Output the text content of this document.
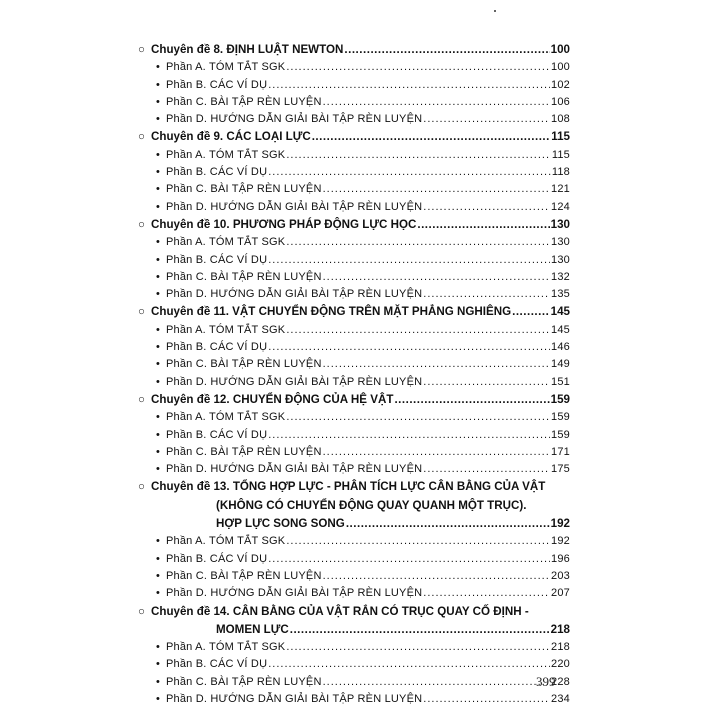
○ Chuyên đề 8. ĐỊNH LUẬT NEWTON .....	100
• Phần A. TÓM TẮT SGK .....	100
• Phần B. CÁC VÍ DỤ .....	102
• Phần C. BÀI TẬP RÈN LUYỆN .....	106
• Phần D. HƯỚNG DẪN GIẢI BÀI TẬP RÈN LUYỆN .....	108
○ Chuyên đề 9. CÁC LOẠI LỰC .....	115
• Phần A. TÓM TẮT SGK .....	115
• Phần B. CÁC VÍ DỤ .....	118
• Phần C. BÀI TẬP RÈN LUYỆN .....	121
• Phần D. HƯỚNG DẪN GIẢI BÀI TẬP RÈN LUYỆN .....	124
○ Chuyên đề 10. PHƯƠNG PHÁP ĐỘNG LỰC HỌC .....	130
• Phần A. TÓM TẮT SGK .....	130
• Phần B. CÁC VÍ DỤ .....	130
• Phần C. BÀI TẬP RÈN LUYỆN .....	132
• Phần D. HƯỚNG DẪN GIẢI BÀI TẬP RÈN LUYỆN .....	135
○ Chuyên đề 11. VẬT CHUYỂN ĐỘNG TRÊN MẶT PHẲNG NGHIÊNG .....	145
• Phần A. TÓM TẮT SGK .....	145
• Phần B. CÁC VÍ DỤ .....	146
• Phần C. BÀI TẬP RÈN LUYỆN .....	149
• Phần D. HƯỚNG DẪN GIẢI BÀI TẬP RÈN LUYỆN .....	151
○ Chuyên đề 12. CHUYỂN ĐỘNG CỦA HỆ VẬT .....	159
• Phần A. TÓM TẮT SGK .....	159
• Phần B. CÁC VÍ DỤ .....	159
• Phần C. BÀI TẬP RÈN LUYỆN .....	171
• Phần D. HƯỚNG DẪN GIẢI BÀI TẬP RÈN LUYỆN .....	175
○ Chuyên đề 13. TỔNG HỢP LỰC - PHÂN TÍCH LỰC CÂN BẰNG CỦA VẬT
(KHÔNG CÓ CHUYỂN ĐỘNG QUAY QUANH MỘT TRỤC).
HỢP LỰC SONG SONG .....	192
• Phần A. TÓM TẮT SGK .....	192
• Phần B. CÁC VÍ DỤ .....	196
• Phần C. BÀI TẬP RÈN LUYỆN .....	203
• Phần D. HƯỚNG DẪN GIẢI BÀI TẬP RÈN LUYỆN .....	207
○ Chuyên đề 14. CÂN BẰNG CỦA VẬT RẮN CÓ TRỤC QUAY CỐ ĐỊNH -
MOMEN LỰC .....	218
• Phần A. TÓM TẮT SGK .....	218
• Phần B. CÁC VÍ DỤ .....	220
• Phần C. BÀI TẬP RÈN LUYỆN .....	228
• Phần D. HƯỚNG DẪN GIẢI BÀI TẬP RÈN LUYỆN .....	234
399
